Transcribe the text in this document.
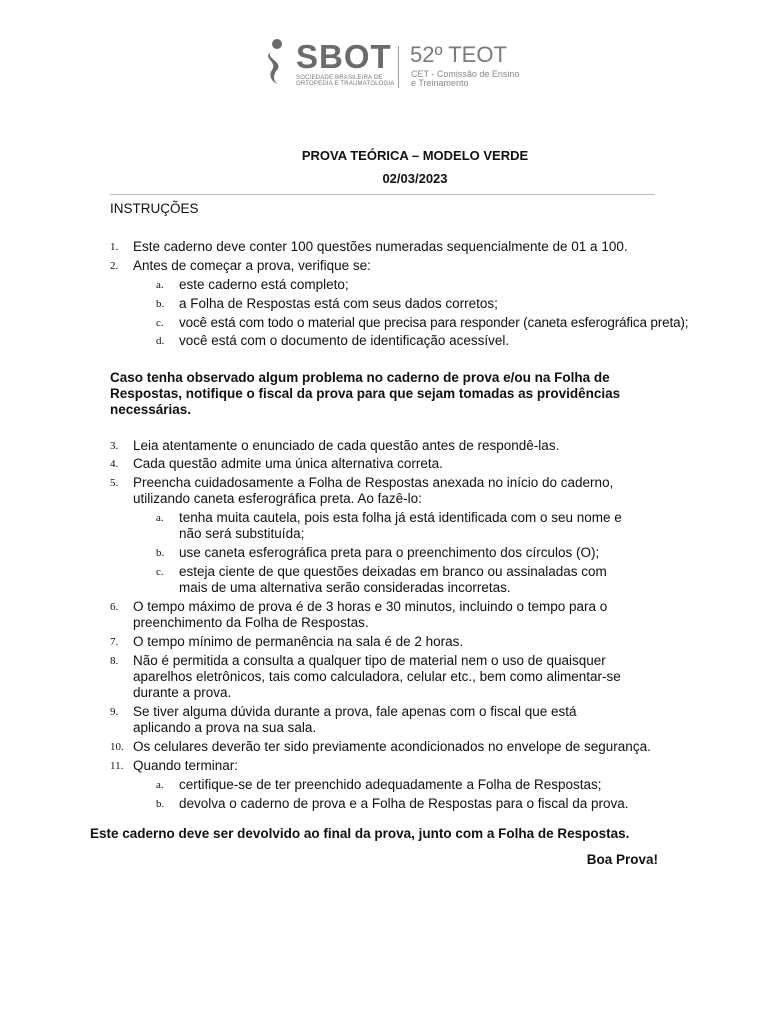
SBOT
SOCIEDADE BRASILEIRA DE
ORTOPEDIA E TRAUMATOLOGIA
52º TEOT
CET - Comissão de Ensino
e Treinamento
PROVA TEÓRICA – MODELO VERDE
02/03/2023
INSTRUÇÕES
1. Este caderno deve conter 100 questões numeradas sequencialmente de 01 a 100.
2. Antes de começar a prova, verifique se:
a. este caderno está completo;
b. a Folha de Respostas está com seus dados corretos;
c. você está com todo o material que precisa para responder (caneta esferográfica preta);
d. você está com o documento de identificação acessível.
Caso tenha observado algum problema no caderno de prova e/ou na Folha de
Respostas, notifique o fiscal da prova para que sejam tomadas as providências
necessárias.
3. Leia atentamente o enunciado de cada questão antes de respondê-las.
4. Cada questão admite uma única alternativa correta.
5. Preencha cuidadosamente a Folha de Respostas anexada no início do caderno,
utilizando caneta esferográfica preta. Ao fazê-lo:
a. tenha muita cautela, pois esta folha já está identificada com o seu nome e
não será substituída;
b. use caneta esferográfica preta para o preenchimento dos círculos (O);
c. esteja ciente de que questões deixadas em branco ou assinaladas com
mais de uma alternativa serão consideradas incorretas.
6. O tempo máximo de prova é de 3 horas e 30 minutos, incluindo o tempo para o
preenchimento da Folha de Respostas.
7. O tempo mínimo de permanência na sala é de 2 horas.
8. Não é permitida a consulta a qualquer tipo de material nem o uso de quaisquer
aparelhos eletrônicos, tais como calculadora, celular etc., bem como alimentar-se
durante a prova.
9. Se tiver alguma dúvida durante a prova, fale apenas com o fiscal que está
aplicando a prova na sua sala.
10. Os celulares deverão ter sido previamente acondicionados no envelope de segurança.
11. Quando terminar:
a. certifique-se de ter preenchido adequadamente a Folha de Respostas;
b. devolva o caderno de prova e a Folha de Respostas para o fiscal da prova.
Este caderno deve ser devolvido ao final da prova, junto com a Folha de Respostas.
Boa Prova!
